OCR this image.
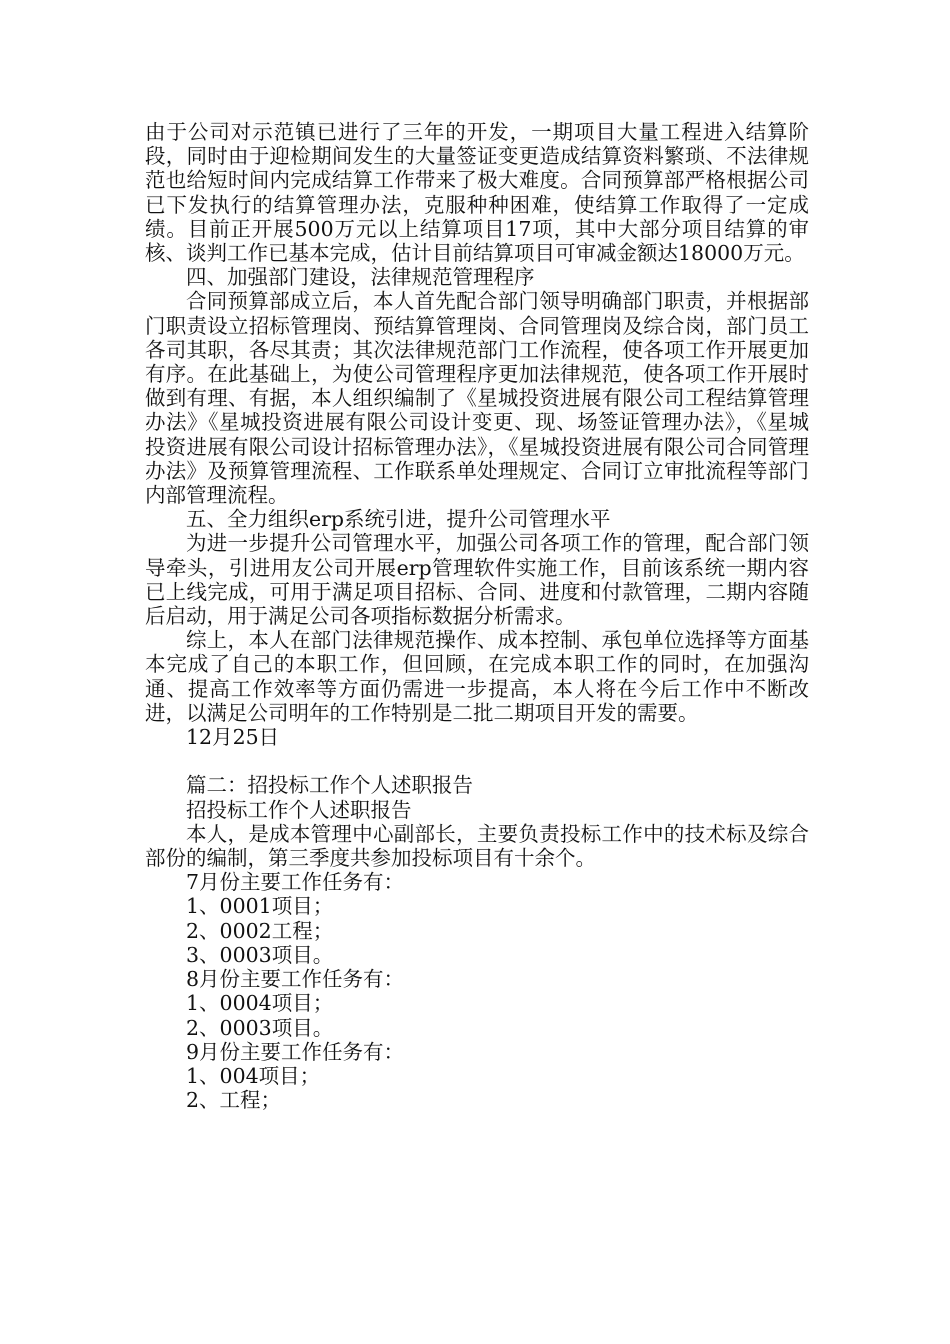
由于公司对示范镇已进行了三年的开发，一期项目大量工程进入结算阶段，同时由于迎检期间发生的大量签证变更造成结算资料繁琐、不法律规范也给短时间内完成结算工作带来了极大难度。合同预算部严格根据公司已下发执行的结算管理办法，克服种种困难，使结算工作取得了一定成绩。目前正开展500万元以上结算项目17项，其中大部分项目结算的审核、谈判工作已基本完成，估计目前结算项目可审减金额达18000万元。

四、加强部门建设，法律规范管理程序

合同预算部成立后，本人首先配合部门领导明确部门职责，并根据部门职责设立招标管理岗、预结算管理岗、合同管理岗及综合岗，部门员工各司其职，各尽其责；其次法律规范部门工作流程，使各项工作开展更加有序。在此基础上，为使公司管理程序更加法律规范，使各项工作开展时做到有理、有据，本人组织编制了《星城投资进展有限公司工程结算管理办法》《星城投资进展有限公司设计变更、现、场签证管理办法》，《星城投资进展有限公司设计招标管理办法》，《星城投资进展有限公司合同管理办法》及预算管理流程、工作联系单处理规定、合同订立审批流程等部门内部管理流程。

五、全力组织erp系统引进，提升公司管理水平

为进一步提升公司管理水平，加强公司各项工作的管理，配合部门领导牵头，引进用友公司开展erp管理软件实施工作，目前该系统一期内容已上线完成，可用于满足项目招标、合同、进度和付款管理，二期内容随后启动，用于满足公司各项指标数据分析需求。

综上，本人在部门法律规范操作、成本控制、承包单位选择等方面基本完成了自己的本职工作，但回顾，在完成本职工作的同时，在加强沟通、提高工作效率等方面仍需进一步提高，本人将在今后工作中不断改进，以满足公司明年的工作特别是二批二期项目开发的需要。

12月25日

篇二：招投标工作个人述职报告

招投标工作个人述职报告

本人，是成本管理中心副部长，主要负责投标工作中的技术标及综合部份的编制，第三季度共参加投标项目有十余个。

7月份主要工作任务有：

1、0001项目；

2、0002工程；

3、0003项目。

8月份主要工作任务有：

1、0004项目；

2、0003项目。

9月份主要工作任务有：

1、004项目；

2、工程；
